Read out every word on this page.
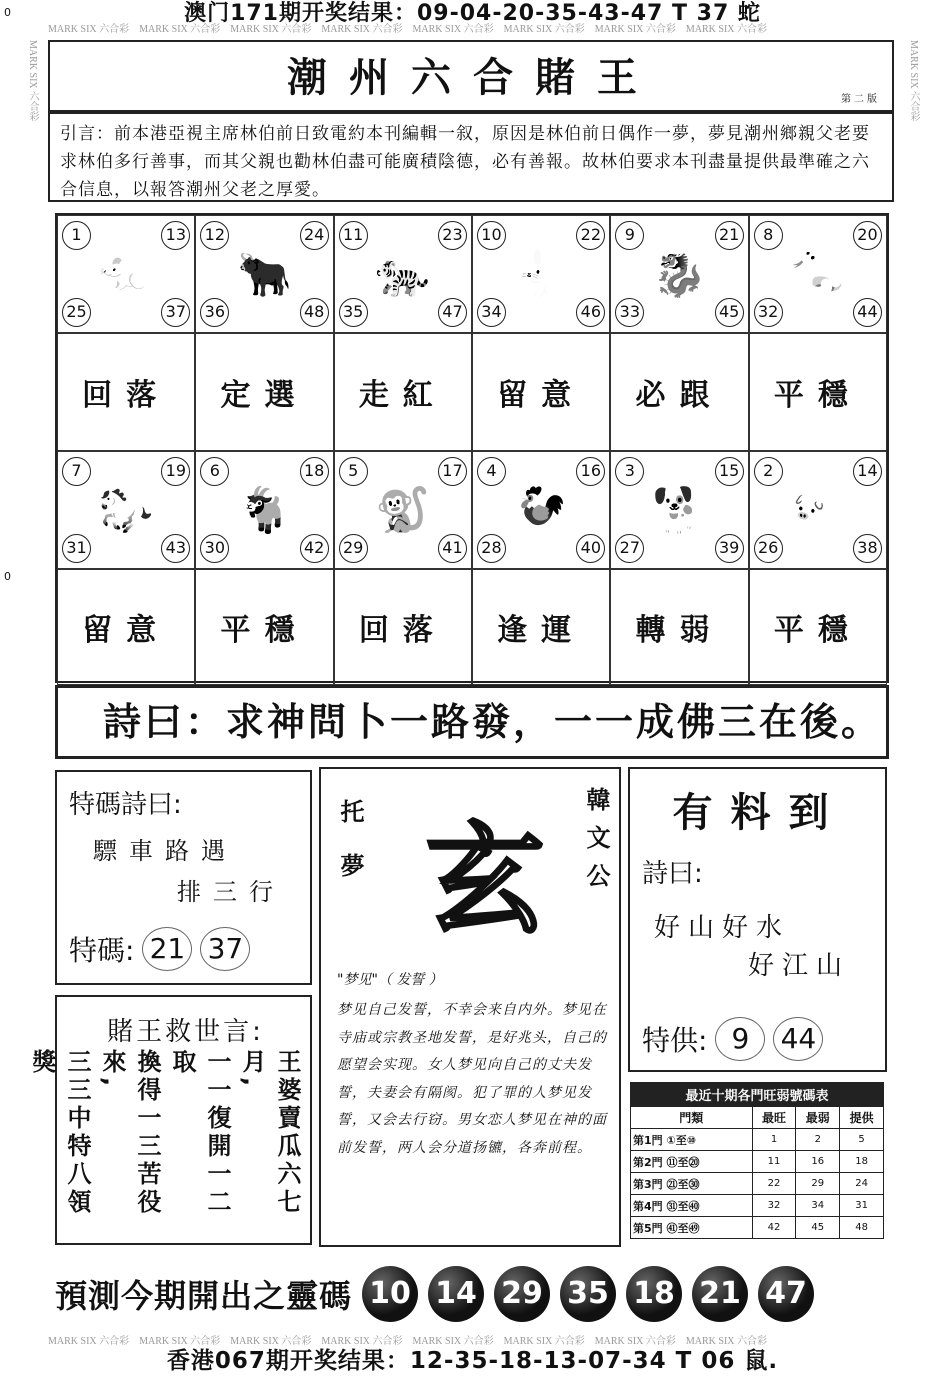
澳门171期开奖结果：09-04-20-35-43-47 T 37 蛇
MARK SIX 六合彩 MARK SIX 六合彩 MARK SIX 六合彩 MARK SIX 六合彩 MARK SIX 六合彩 MARK SIX 六合彩 MARK SIX 六合彩 MARK SIX 六合彩
MARK SIX 六合彩 MARK SIX 六合彩 MARK SIX 六合彩 MARK SIX 六合彩 MARK SIX 六合彩 MARK SIX 六合彩 MARK SIX 六合彩 MARK SIX 六合彩
MARK SIX 六合彩	MARK SIX 六合彩
0
0
潮州六合賭王	第二版
引言：前本港亞視主席林伯前日致電約本刊編輯一叙，原因是林伯前日偶作一夢，夢見潮州鄉親父老要求林伯多行善事，而其父親也勸林伯盡可能廣積陰德，必有善報。故林伯要求本刊盡量提供最準確之六合信息，以報答潮州父老之厚愛。
1	13
25	37
🐀
12	24
36	48
🐂
11	23
35	47
🐅
10	22
34	46
🐇
9	21
33	45
🐉
8	20
32	44
🐍
回落 定選 走紅 留意 必跟 平穩
7	19
31	43
🐎
6	18
30	42
🐐
5	17
29	41
🐒
4	16
28	40
🐓
3	15
27	39
🐕
2	14
26	38
🐖
留意 平穩 回落 逢運 轉弱 平穩
詩曰：求神問卜一路發，一一成佛三在後。
特碼詩曰:
驃車路遇
排三行
特碼: 21 37
賭王救世言:
王婆賣瓜六七月,
一一復開一二取
換得一三苦役來,
三三中特八領獎
托夢 玄 韓文公
"梦见"（ 发誓 ）
梦见自己发誓，不幸会来自内外。梦见在寺庙或宗教圣地发誓，是好兆头，自己的愿望会实现。女人梦见向自己的丈夫发誓，夫妻会有隔阂。犯了罪的人梦见发誓，又会去行窃。男女恋人梦见在神的面前发誓，两人会分道扬镳，各奔前程。
有料到
詩曰:
好山好水
好江山
特供: 9	44
最近十期各門旺弱號碼表			
門類	最旺	最弱	提供
第1門 ①至⑩	1	2	5
第2門 ⑪至⑳	11	16	18
第3門 ㉑至㉚	22	29	24
第4門 ㉛至㊵	32	34	31
第5門 ㊶至㊾	42	45	48
預測今期開出之靈碼 10 14 29 35 18 21 47
香港067期开奖结果：12-35-18-13-07-34 T 06 鼠.
